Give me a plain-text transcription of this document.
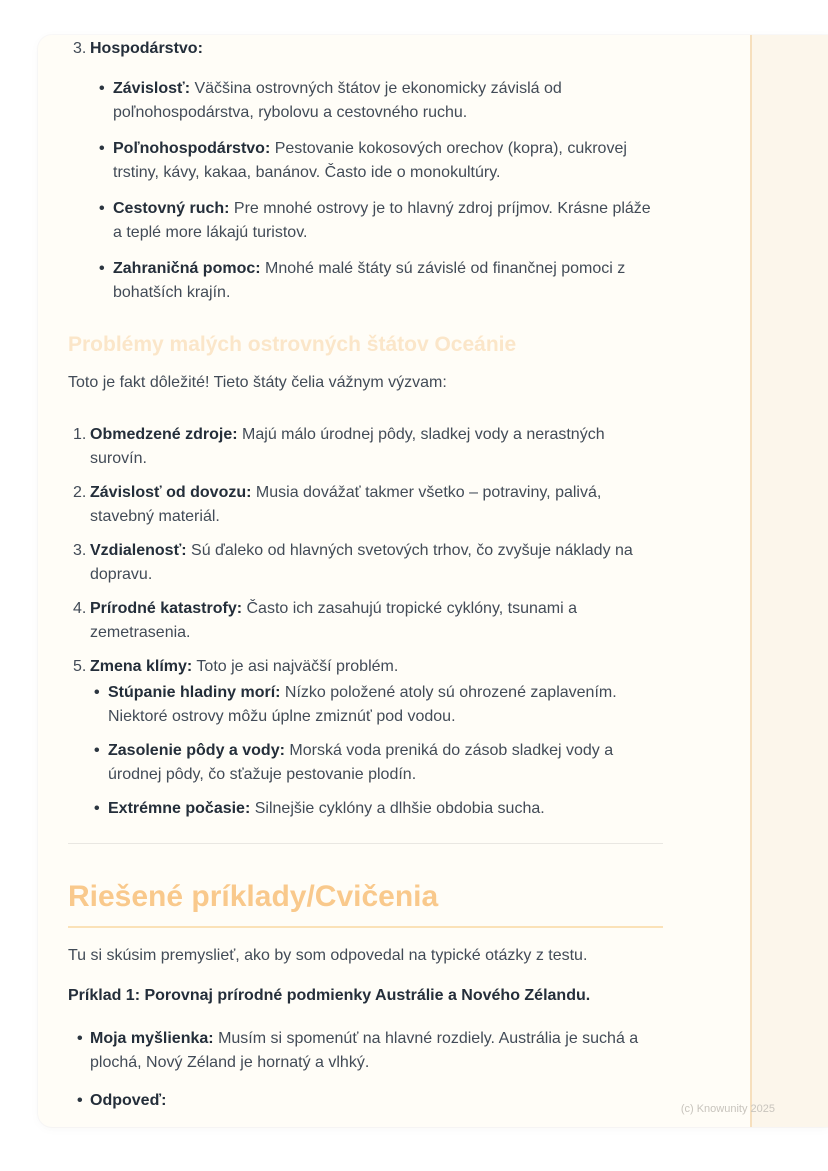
3. Hospodárstvo:
•
Závislosť: Väčšina ostrovných štátov je ekonomicky závislá od poľnohospodárstva, rybolovu a cestovného ruchu.
•
Poľnohospodárstvo: Pestovanie kokosových orechov (kopra), cukrovej trstiny, kávy, kakaa, banánov. Často ide o monokultúry.
•
Cestovný ruch: Pre mnohé ostrovy je to hlavný zdroj príjmov. Krásne pláže a teplé more lákajú turistov.
•
Zahraničná pomoc: Mnohé malé štáty sú závislé od finančnej pomoci z bohatších krajín.
Problémy malých ostrovných štátov Oceánie

Toto je fakt dôležité! Tieto štáty čelia vážnym výzvam:

1. Obmedzené zdroje: Majú málo úrodnej pôdy, sladkej vody a nerastných surovín.
2. Závislosť od dovozu: Musia dovážať takmer všetko – potraviny, palivá, stavebný materiál.
3. Vzdialenosť: Sú ďaleko od hlavných svetových trhov, čo zvyšuje náklady na dopravu.
4. Prírodné katastrofy: Často ich zasahujú tropické cyklóny, tsunami a zemetrasenia.
5. Zmena klímy: Toto je asi najväčší problém.
•
Stúpanie hladiny morí: Nízko položené atoly sú ohrozené zaplavením. Niektoré ostrovy môžu úplne zmiznúť pod vodou.
•
Zasolenie pôdy a vody: Morská voda preniká do zásob sladkej vody a úrodnej pôdy, čo sťažuje pestovanie plodín.
•
Extrémne počasie: Silnejšie cyklóny a dlhšie obdobia sucha.
Riešené príklady/Cvičenia

Tu si skúsim premyslieť, ako by som odpovedal na typické otázky z testu.

Príklad 1: Porovnaj prírodné podmienky Austrálie a Nového Zélandu.

•
Moja myšlienka: Musím si spomenúť na hlavné rozdiely. Austrália je suchá a plochá, Nový Zéland je hornatý a vlhký.
•
Odpoveď:	(c) Knowunity 2025
